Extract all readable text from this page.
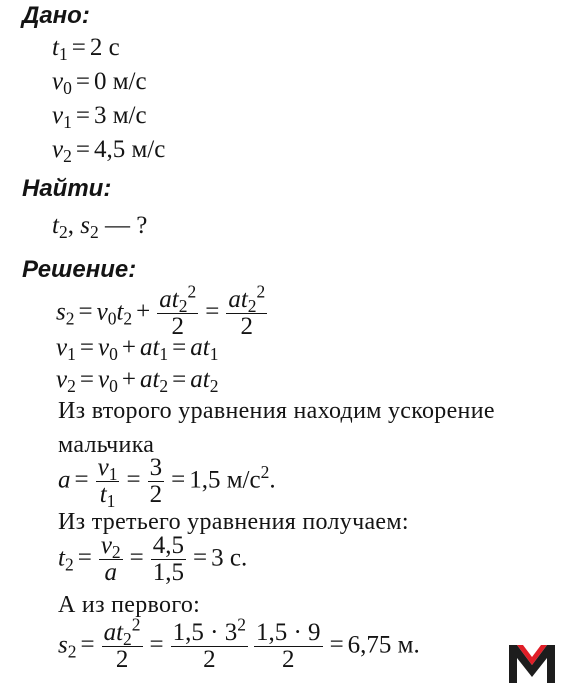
Дано:
$t_1 = 2$ с
$v_0 = 0$ м/с
$v_1 = 3$ м/с
$v_2 = 4,5$ м/с
Найти:
$t_2$, $s_2$ — ?
Решение:
$s_2 = v_0t_2 + \frac{at_2^2}{2} = \frac{at_2^2}{2}$
$v_1 = v_0 + at_1 = at_1$
$v_2 = v_0 + at_2 = at_2$
Из второго уравнения находим ускорение
мальчика
$a = \frac{v_1}{t_1} = \frac{3}{2} = 1,5$ $м/с^2$.
Из третьего уравнения получаем:
$t_2 = \frac{v_2}{a} = \frac{4,5}{1,5} = 3$ с.
А из первого:
$s_2 = \frac{at_2^2}{2} = \frac{1,5 \cdot 3^2}{2} \frac{1,5 \cdot 9}{2} = 6,75$ м.
